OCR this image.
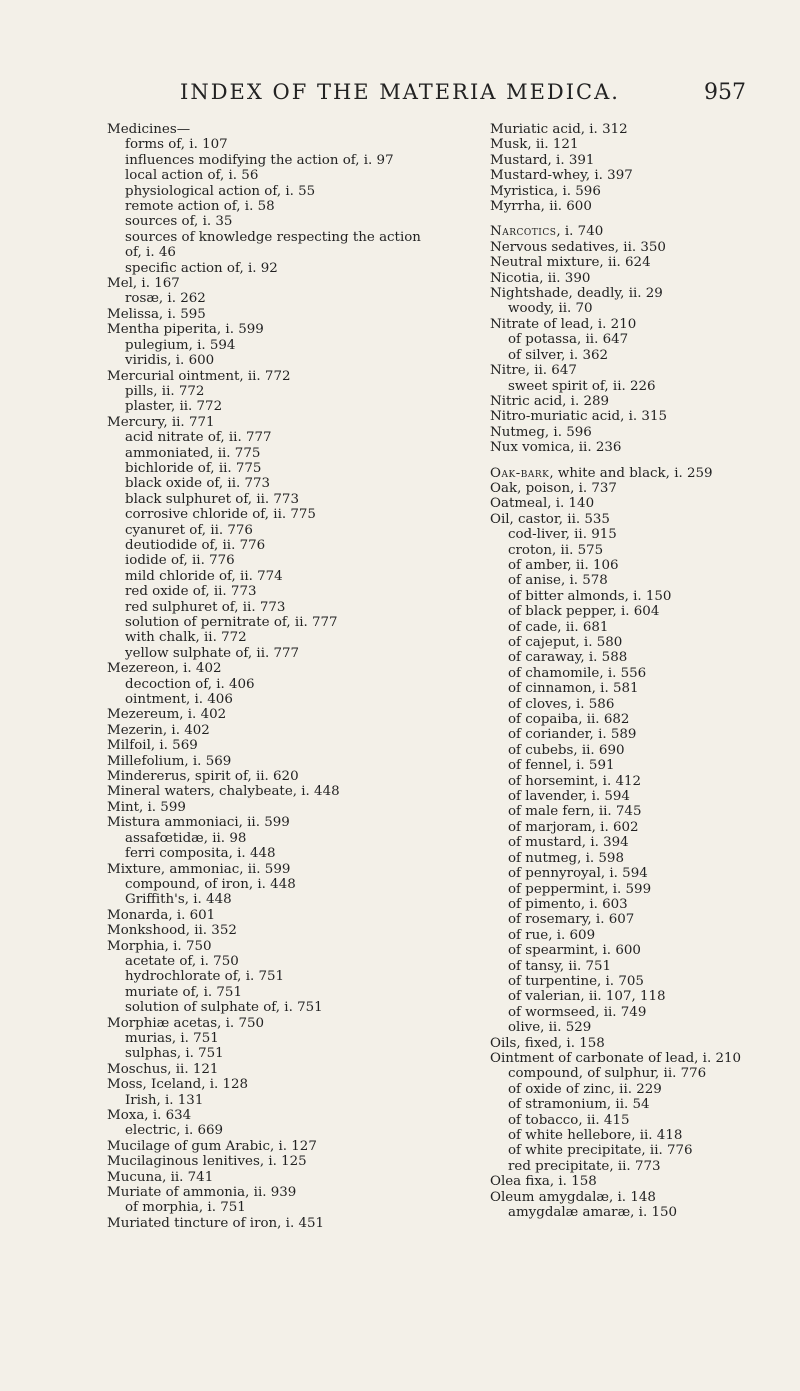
INDEX OF THE MATERIA MEDICA.	957
Medicines—
forms of, i. 107
influences modifying the action of, i. 97
local action of, i. 56
physiological action of, i. 55
remote action of, i. 58
sources of, i. 35
sources of knowledge respecting the action
of, i. 46
specific action of, i. 92
Mel, i. 167
rosæ, i. 262
Melissa, i. 595
Mentha piperita, i. 599
pulegium, i. 594
viridis, i. 600
Mercurial ointment, ii. 772
pills, ii. 772
plaster, ii. 772
Mercury, ii. 771
acid nitrate of, ii. 777
ammoniated, ii. 775
bichloride of, ii. 775
black oxide of, ii. 773
black sulphuret of, ii. 773
corrosive chloride of, ii. 775
cyanuret of, ii. 776
deutiodide of, ii. 776
iodide of, ii. 776
mild chloride of, ii. 774
red oxide of, ii. 773
red sulphuret of, ii. 773
solution of pernitrate of, ii. 777
with chalk, ii. 772
yellow sulphate of, ii. 777
Mezereon, i. 402
decoction of, i. 406
ointment, i. 406
Mezereum, i. 402
Mezerin, i. 402
Milfoil, i. 569
Millefolium, i. 569
Mindererus, spirit of, ii. 620
Mineral waters, chalybeate, i. 448
Mint, i. 599
Mistura ammoniaci, ii. 599
assafœtidæ, ii. 98
ferri composita, i. 448
Mixture, ammoniac, ii. 599
compound, of iron, i. 448
Griffith's, i. 448
Monarda, i. 601
Monkshood, ii. 352
Morphia, i. 750
acetate of, i. 750
hydrochlorate of, i. 751
muriate of, i. 751
solution of sulphate of, i. 751
Morphiæ acetas, i. 750
murias, i. 751
sulphas, i. 751
Moschus, ii. 121
Moss, Iceland, i. 128
Irish, i. 131
Moxa, i. 634
electric, i. 669
Mucilage of gum Arabic, i. 127
Mucilaginous lenitives, i. 125
Mucuna, ii. 741
Muriate of ammonia, ii. 939
of morphia, i. 751
Muriated tincture of iron, i. 451
Muriatic acid, i. 312
Musk, ii. 121
Mustard, i. 391
Mustard-whey, i. 397
Myristica, i. 596
Myrrha, ii. 600
Narcotics, i. 740
Nervous sedatives, ii. 350
Neutral mixture, ii. 624
Nicotia, ii. 390
Nightshade, deadly, ii. 29
woody, ii. 70
Nitrate of lead, i. 210
of potassa, ii. 647
of silver, i. 362
Nitre, ii. 647
sweet spirit of, ii. 226
Nitric acid, i. 289
Nitro-muriatic acid, i. 315
Nutmeg, i. 596
Nux vomica, ii. 236
Oak-bark, white and black, i. 259
Oak, poison, i. 737
Oatmeal, i. 140
Oil, castor, ii. 535
cod-liver, ii. 915
croton, ii. 575
of amber, ii. 106
of anise, i. 578
of bitter almonds, i. 150
of black pepper, i. 604
of cade, ii. 681
of cajeput, i. 580
of caraway, i. 588
of chamomile, i. 556
of cinnamon, i. 581
of cloves, i. 586
of copaiba, ii. 682
of coriander, i. 589
of cubebs, ii. 690
of fennel, i. 591
of horsemint, i. 412
of lavender, i. 594
of male fern, ii. 745
of marjoram, i. 602
of mustard, i. 394
of nutmeg, i. 598
of pennyroyal, i. 594
of peppermint, i. 599
of pimento, i. 603
of rosemary, i. 607
of rue, i. 609
of spearmint, i. 600
of tansy, ii. 751
of turpentine, i. 705
of valerian, ii. 107, 118
of wormseed, ii. 749
olive, ii. 529
Oils, fixed, i. 158
Ointment of carbonate of lead, i. 210
compound, of sulphur, ii. 776
of oxide of zinc, ii. 229
of stramonium, ii. 54
of tobacco, ii. 415
of white hellebore, ii. 418
of white precipitate, ii. 776
red precipitate, ii. 773
Olea fixa, i. 158
Oleum amygdalæ, i. 148
amygdalæ amaræ, i. 150
